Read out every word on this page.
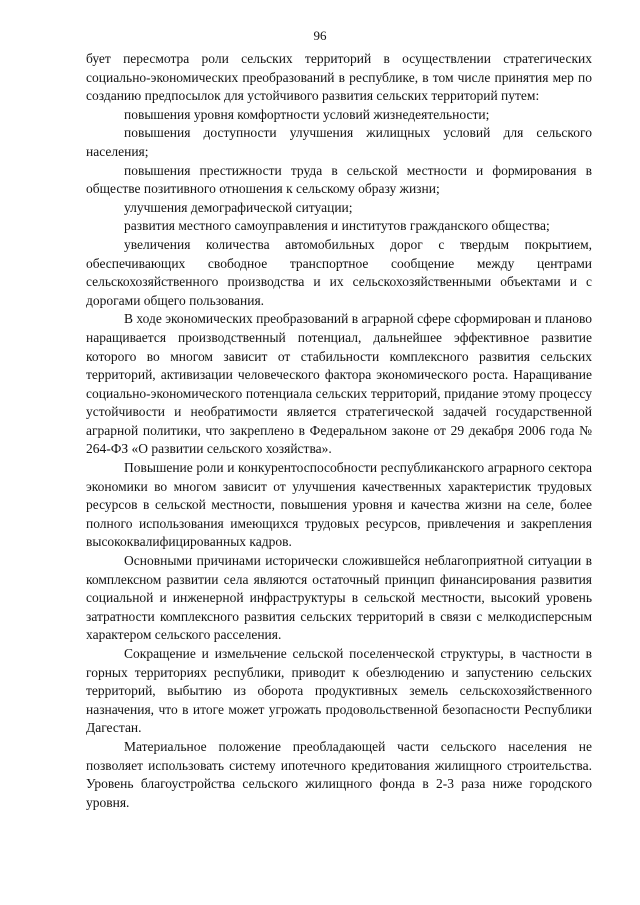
96

бует пересмотра роли сельских территорий в осуществлении стратегических социально-экономических преобразований в республике, в том числе принятия мер по созданию предпосылок для устойчивого развития сельских территорий путем:

повышения уровня комфортности условий жизнедеятельности;

повышения доступности улучшения жилищных условий для сельского населения;

повышения престижности труда в сельской местности и формирования в обществе позитивного отношения к сельскому образу жизни;

улучшения демографической ситуации;

развития местного самоуправления и институтов гражданского общества;

увеличения количества автомобильных дорог с твердым покрытием, обеспечивающих свободное транспортное сообщение между центрами сельскохозяйственного производства и их сельскохозяйственными объектами и с дорогами общего пользования.

В ходе экономических преобразований в аграрной сфере сформирован и планово наращивается производственный потенциал, дальнейшее эффективное развитие которого во многом зависит от стабильности комплексного развития сельских территорий, активизации человеческого фактора экономического роста. Наращивание социально-экономического потенциала сельских территорий, придание этому процессу устойчивости и необратимости является стратегической задачей государственной аграрной политики, что закреплено в Федеральном законе от 29 декабря 2006 года № 264-ФЗ «О развитии сельского хозяйства».

Повышение роли и конкурентоспособности республиканского аграрного сектора экономики во многом зависит от улучшения качественных характеристик трудовых ресурсов в сельской местности, повышения уровня и качества жизни на селе, более полного использования имеющихся трудовых ресурсов, привлечения и закрепления высококвалифицированных кадров.

Основными причинами исторически сложившейся неблагоприятной ситуации в комплексном развитии села являются остаточный принцип финансирования развития социальной и инженерной инфраструктуры в сельской местности, высокий уровень затратности комплексного развития сельских территорий в связи с мелкодисперсным характером сельского расселения.

Сокращение и измельчение сельской поселенческой структуры, в частности в горных территориях республики, приводит к обезлюдению и запустению сельских территорий, выбытию из оборота продуктивных земель сельскохозяйственного назначения, что в итоге может угрожать продовольственной безопасности Республики Дагестан.

Материальное положение преобладающей части сельского населения не позволяет использовать систему ипотечного кредитования жилищного строительства. Уровень благоустройства сельского жилищного фонда в 2-3 раза ниже городского уровня.
